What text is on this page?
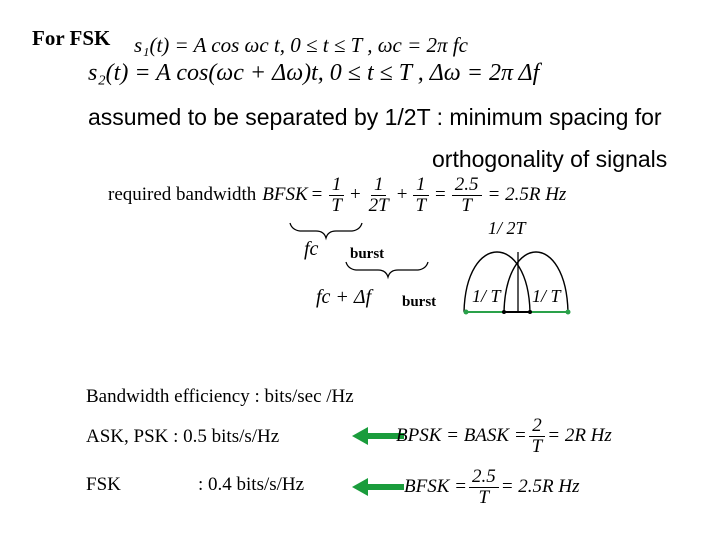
For FSK s₁(t) = A cos ωc t, 0 ≤ t ≤ T , ωc = 2π fc
s₂(t) = A cos(ωc + Δω)t, 0 ≤ t ≤ T , Δω = 2π Δf
assumed to be separated by 1/2T : minimum spacing for
orthogonality of signals
required bandwidth BFSK = $\frac{1}{T} + \frac{1}{2T} + \frac{1}{T} = \frac{2.5}{T} = 2.5R$ Hz
fc burst
fc + Δf burst
1/ 2T
1/ T 1/ T
Bandwidth efficiency : bits/sec /Hz
ASK, PSK : 0.5 bits/s/Hz
FSK	: 0.4 bits/s/Hz
BPSK = BASK = $\frac{2}{T} = 2R$ Hz
BFSK = $\frac{2.5}{T} = 2.5R$ Hz
